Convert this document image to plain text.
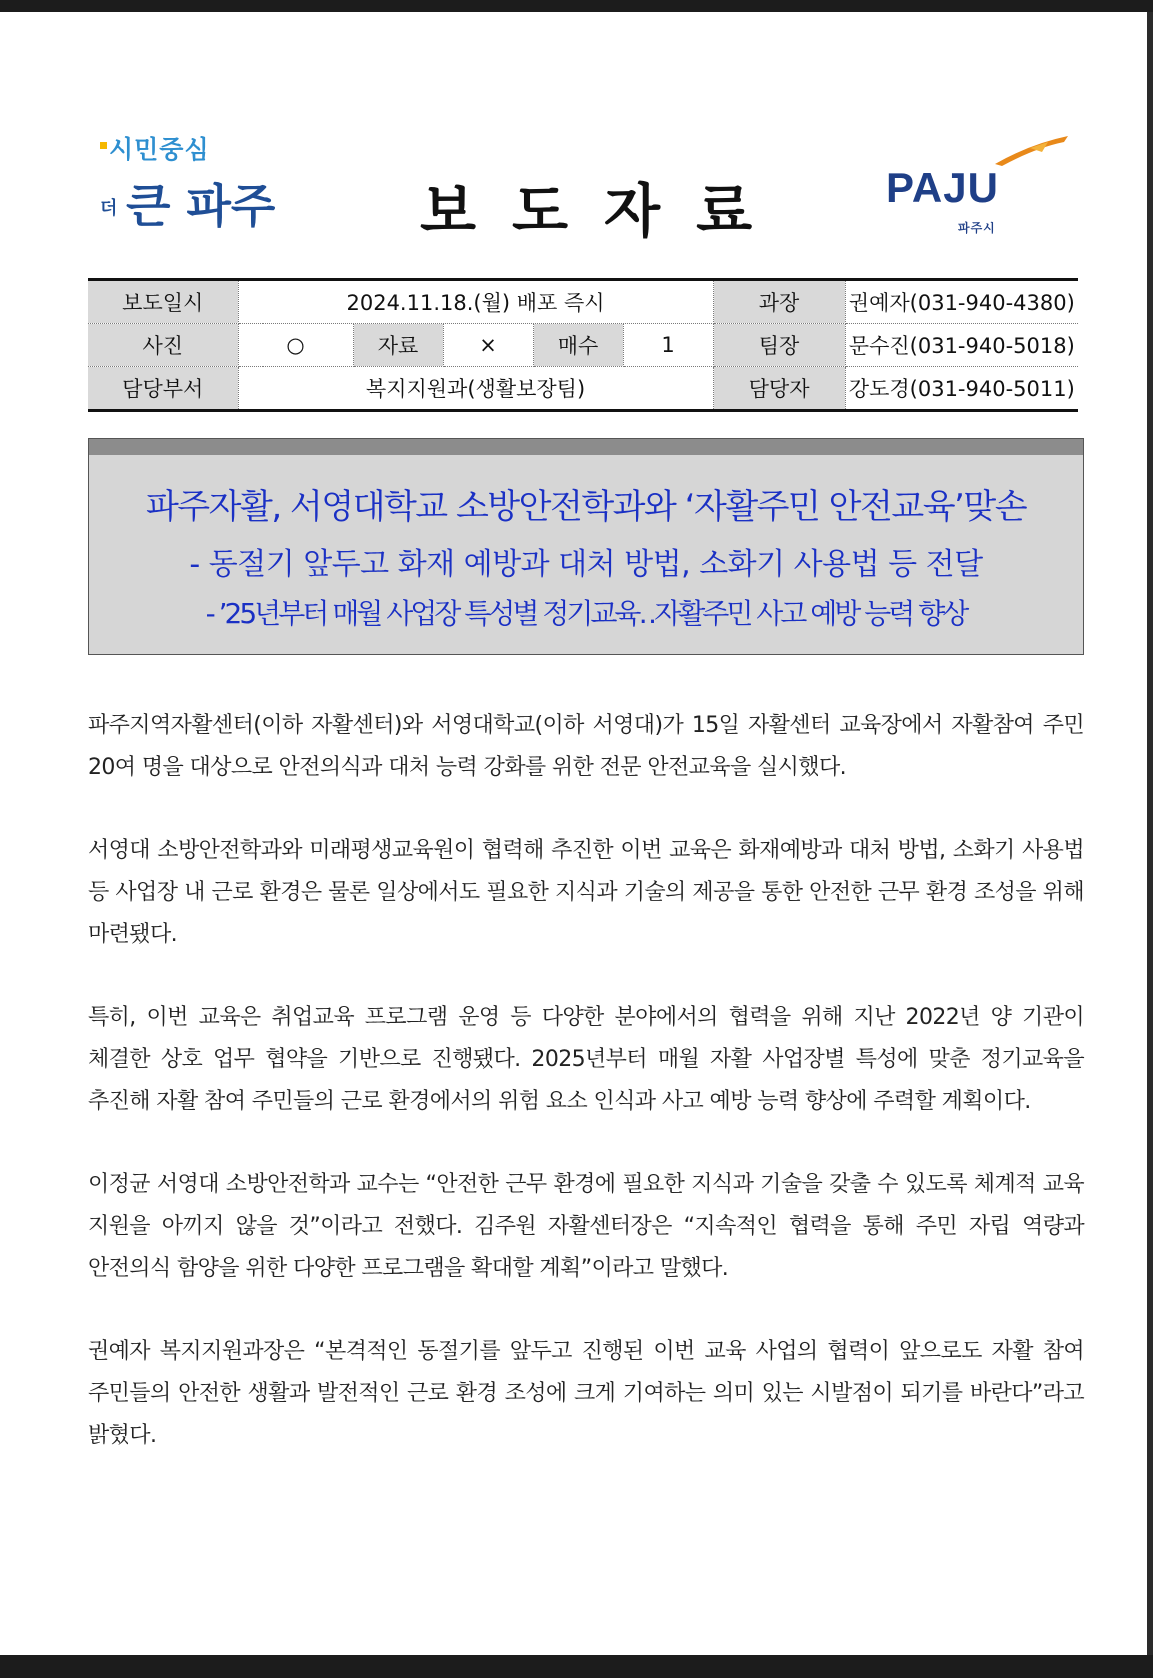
시민중심
더 큰 파주 보도자료 PAJU
파주시
보도일시	2024.11.18.(월) 배포 즉시					과장	권예자(031-940-4380)
사진	○	자료	×	매수	1	팀장	문수진(031-940-5018)
담당부서	복지지원과(생활보장팀)					담당자	강도경(031-940-5011)
파주자활, 서영대학교 소방안전학과와 ‘자활주민 안전교육’맞손
- 동절기 앞두고 화재 예방과 대처 방법, 소화기 사용법 등 전달
- ’25년부터 매월 사업장 특성별 정기교육‥자활주민 사고 예방 능력 향상

파주지역자활센터(이하 자활센터)와 서영대학교(이하 서영대)가 15일 자활센터 교육장에서 자활참여 주민 20여 명을 대상으로 안전의식과 대처 능력 강화를 위한 전문 안전교육을 실시했다.

서영대 소방안전학과와 미래평생교육원이 협력해 추진한 이번 교육은 화재예방과 대처 방법, 소화기 사용법 등 사업장 내 근로 환경은 물론 일상에서도 필요한 지식과 기술의 제공을 통한 안전한 근무 환경 조성을 위해 마련됐다.

특히, 이번 교육은 취업교육 프로그램 운영 등 다양한 분야에서의 협력을 위해 지난 2022년 양 기관이 체결한 상호 업무 협약을 기반으로 진행됐다. 2025년부터 매월 자활 사업장별 특성에 맞춘 정기교육을 추진해 자활 참여 주민들의 근로 환경에서의 위험 요소 인식과 사고 예방 능력 향상에 주력할 계획이다.

이정균 서영대 소방안전학과 교수는 “안전한 근무 환경에 필요한 지식과 기술을 갖출 수 있도록 체계적 교육 지원을 아끼지 않을 것”이라고 전했다. 김주원 자활센터장은 “지속적인 협력을 통해 주민 자립 역량과 안전의식 함양을 위한 다양한 프로그램을 확대할 계획”이라고 말했다.

권예자 복지지원과장은 “본격적인 동절기를 앞두고 진행된 이번 교육 사업의 협력이 앞으로도 자활 참여 주민들의 안전한 생활과 발전적인 근로 환경 조성에 크게 기여하는 의미 있는 시발점이 되기를 바란다”라고 밝혔다.
